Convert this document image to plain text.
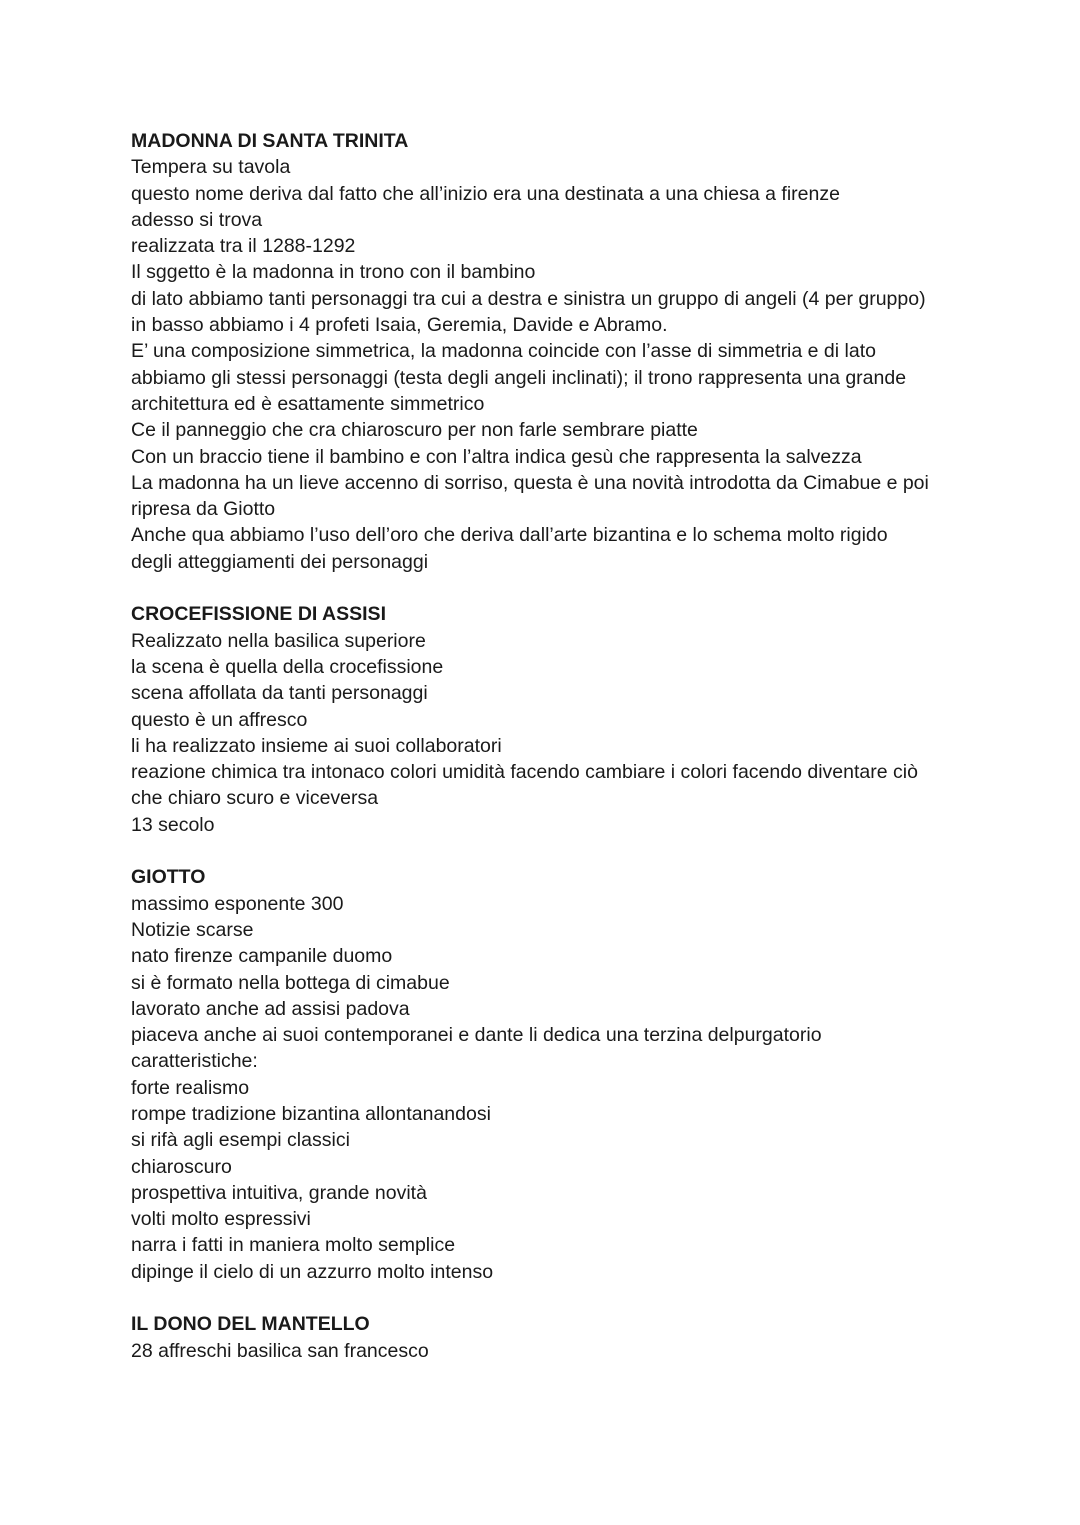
MADONNA DI SANTA TRINITA
Tempera su tavola
questo nome deriva dal fatto che all’inizio era una destinata a una chiesa a firenze
adesso si trova
realizzata tra il 1288-1292
Il sggetto è la madonna in trono con il bambino
di lato abbiamo tanti personaggi tra cui a destra e sinistra un gruppo di angeli (4 per gruppo)
in basso abbiamo i 4 profeti Isaia, Geremia, Davide e Abramo.
E’ una composizione simmetrica, la madonna coincide con l’asse di simmetria e di lato
abbiamo gli stessi personaggi (testa degli angeli inclinati); il trono rappresenta una grande
architettura ed è esattamente simmetrico
Ce il panneggio che cra chiaroscuro per non farle sembrare piatte
Con un braccio tiene il bambino e con l’altra indica gesù che rappresenta la salvezza
La madonna ha un lieve accenno di sorriso, questa è una novità introdotta da Cimabue e poi
ripresa da Giotto
Anche qua abbiamo l’uso dell’oro che deriva dall’arte bizantina e lo schema molto rigido
degli atteggiamenti dei personaggi
CROCEFISSIONE DI ASSISI
Realizzato nella basilica superiore
la scena è quella della crocefissione
scena affollata da tanti personaggi
questo è un affresco
li ha realizzato insieme ai suoi collaboratori
reazione chimica tra intonaco colori umidità facendo cambiare i colori facendo diventare ciò
che chiaro scuro e viceversa
13 secolo
GIOTTO
massimo esponente 300
Notizie scarse
nato firenze campanile duomo
si è formato nella bottega di cimabue
lavorato anche ad assisi padova
piaceva anche ai suoi contemporanei e dante li dedica una terzina delpurgatorio
caratteristiche:
forte realismo
rompe tradizione bizantina allontanandosi
si rifà agli esempi classici
chiaroscuro
prospettiva intuitiva, grande novità
volti molto espressivi
narra i fatti in maniera molto semplice
dipinge il cielo di un azzurro molto intenso
IL DONO DEL MANTELLO
28 affreschi basilica san francesco
